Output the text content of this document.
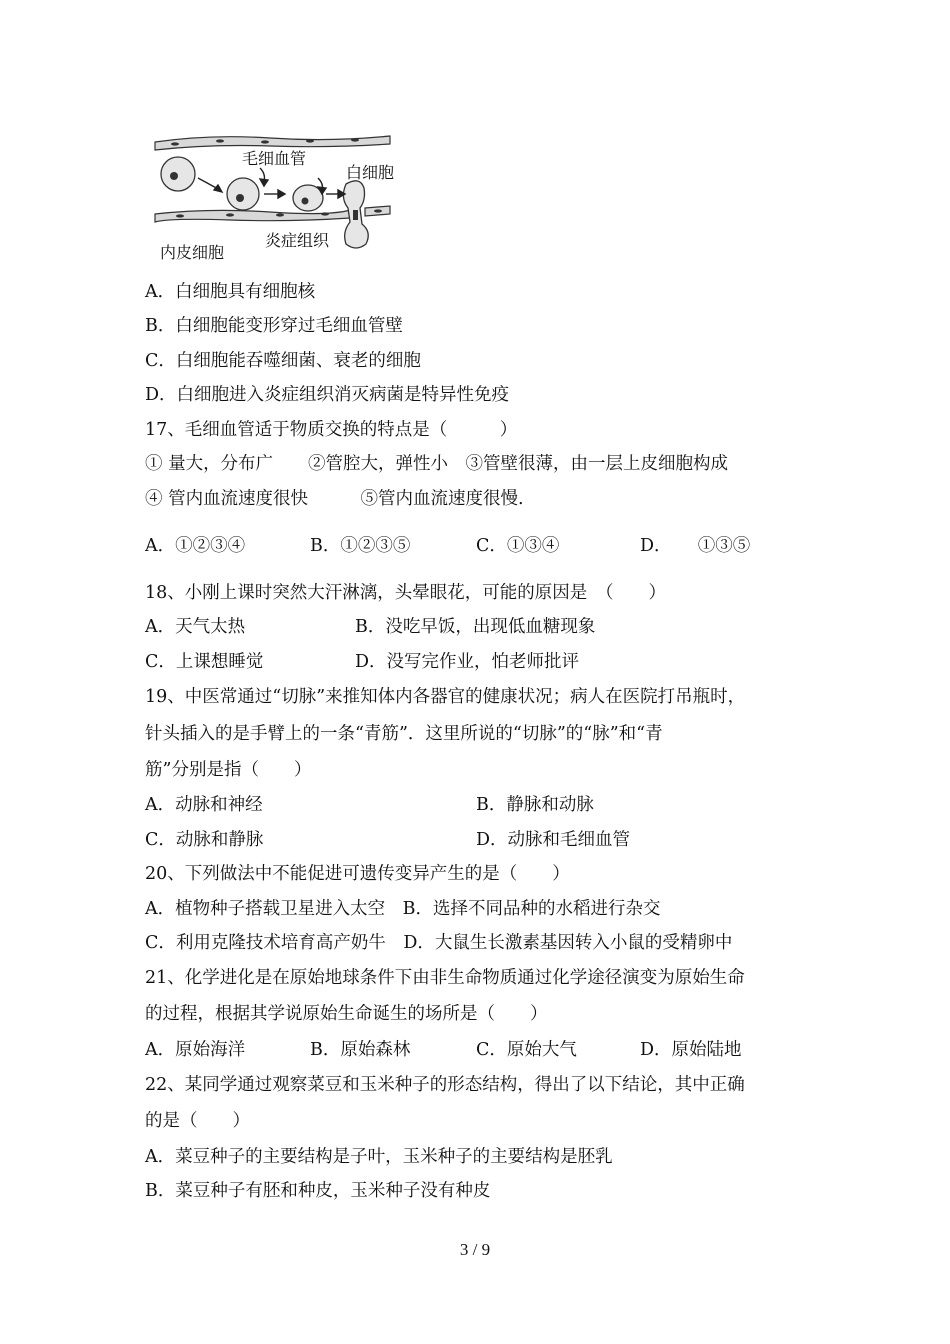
毛细血管
白细胞
内皮细胞
炎症组织
A．白细胞具有细胞核
B．白细胞能变形穿过毛细血管壁
C．白细胞能吞噬细菌、衰老的细胞
D．白细胞进入炎症组织消灭病菌是特异性免疫
17、毛细血管适于物质交换的特点是（　　　）
① 量大，分布广　　②管腔大，弹性小　③管壁很薄，由一层上皮细胞构成
④ 管内血流速度很快　　　⑤管内血流速度很慢.
A．①②③④	B．①②③⑤	C．①③④	D．　　①③⑤
18、小刚上课时突然大汗淋漓，头晕眼花，可能的原因是　（　　）
A．天气太热	B．没吃早饭，出现低血糖现象
C．上课想睡觉	D．没写完作业，怕老师批评
19、中医常通过“切脉”来推知体内各器官的健康状况；病人在医院打吊瓶时，
针头插入的是手臂上的一条“青筋”．这里所说的“切脉”的“脉”和“青
筋”分别是指（　　）
A．动脉和神经	B．静脉和动脉
C．动脉和静脉	D．动脉和毛细血管
20、下列做法中不能促进可遗传变异产生的是（　　）
A．植物种子搭载卫星进入太空　B．选择不同品种的水稻进行杂交
C．利用克隆技术培育高产奶牛　D．大鼠生长激素基因转入小鼠的受精卵中
21、化学进化是在原始地球条件下由非生命物质通过化学途径演变为原始生命
的过程，根据其学说原始生命诞生的场所是（　　）
A．原始海洋	B．原始森林	C．原始大气	D．原始陆地
22、某同学通过观察菜豆和玉米种子的形态结构，得出了以下结论，其中正确
的是（　　）
A．菜豆种子的主要结构是子叶，玉米种子的主要结构是胚乳
B．菜豆种子有胚和种皮，玉米种子没有种皮
3 / 9
